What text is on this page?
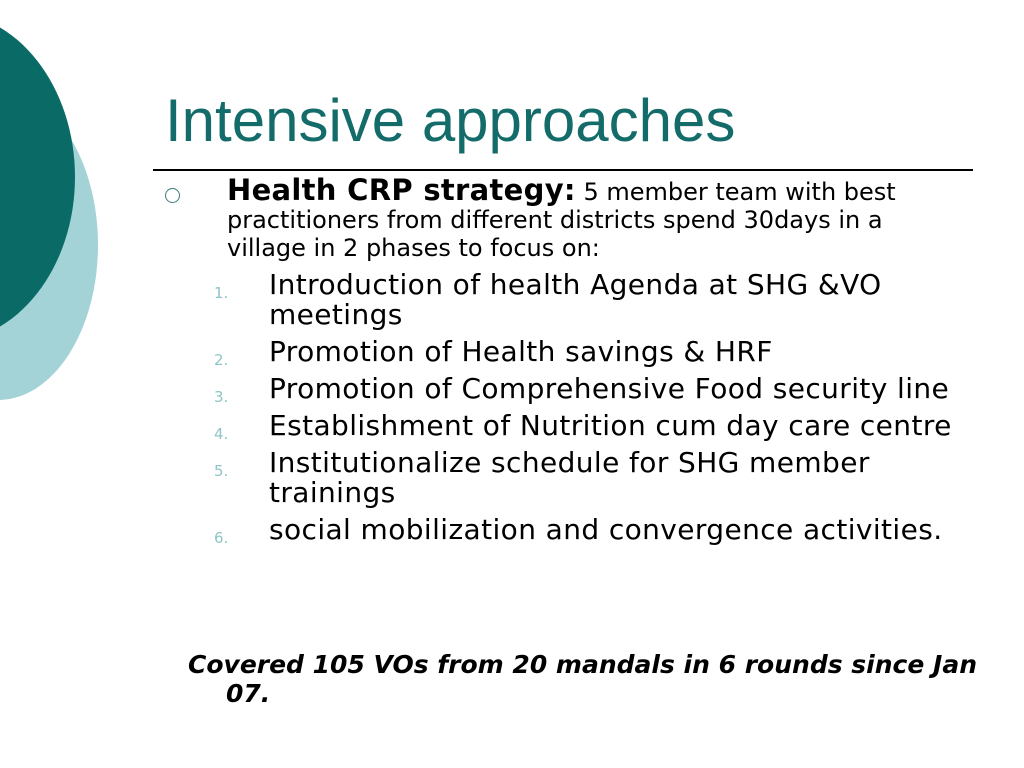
Intensive approaches

Health CRP strategy: 5 member team with best practitioners from different districts spend 30days in a village in 2 phases to focus on:

1. Introduction of health Agenda at SHG &VO meetings
2. Promotion of Health savings & HRF
3. Promotion of Comprehensive Food security line
4. Establishment of Nutrition cum day care centre
5. Institutionalize schedule for SHG member trainings
6. social mobilization and convergence activities.

Covered 105 VOs from 20 mandals in 6 rounds since Jan 07.
